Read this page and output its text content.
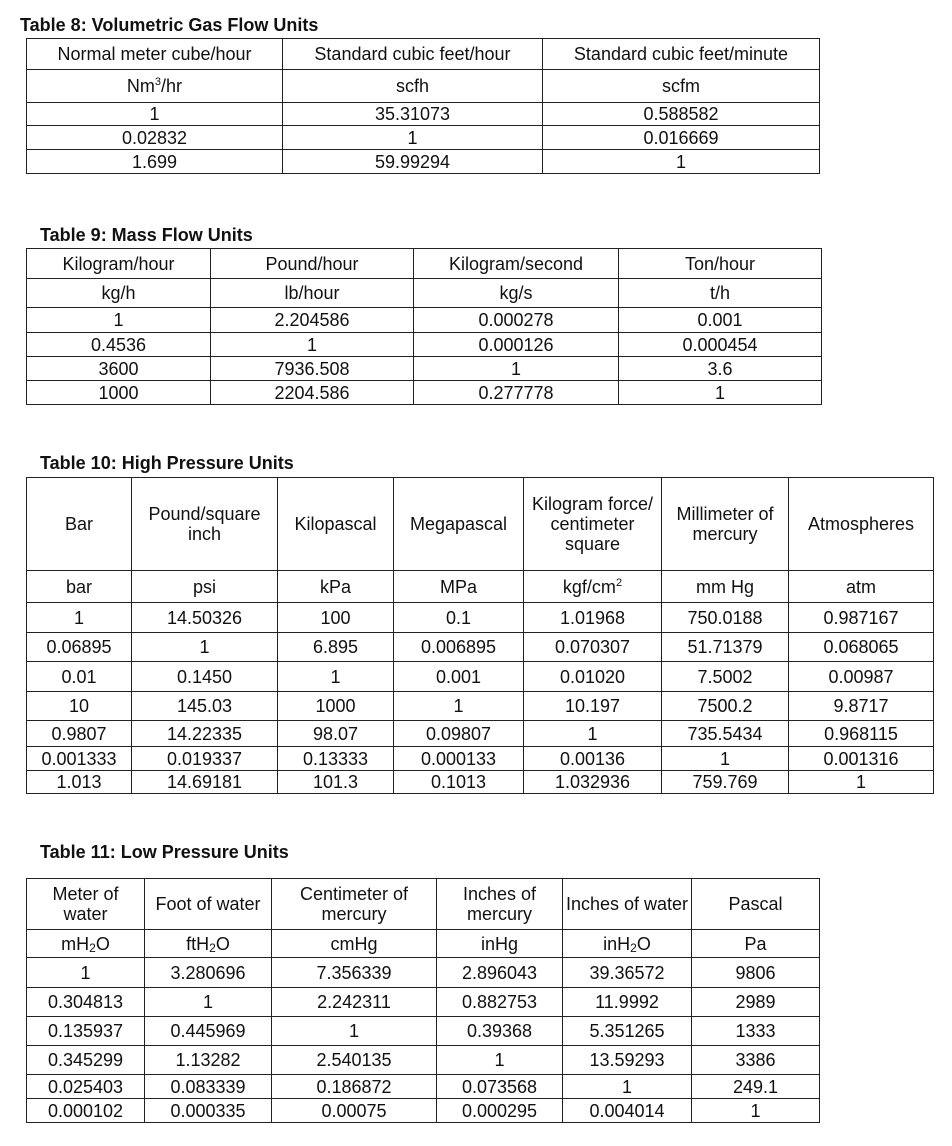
Table 8: Volumetric Gas Flow Units
Normal meter cube/hour	Standard cubic feet/hour	Standard cubic feet/minute
Nm$^3$/hr	scfh	scfm
1	35.31073	0.588582
0.02832	1	0.016669
1.699	59.99294	1
Table 9: Mass Flow Units
Kilogram/hour	Pound/hour	Kilogram/second	Ton/hour
kg/h	lb/hour	kg/s	t/h
1	2.204586	0.000278	0.001
0.4536	1	0.000126	0.000454
3600	7936.508	1	3.6
1000	2204.586	0.277778	1
Table 10: High Pressure Units
Bar	Pound/square inch	Kilopascal	Megapascal	Kilogram force/ centimeter square	Millimeter of mercury	Atmospheres
bar	psi	kPa	MPa	kgf/$cm^2$	mm Hg	atm
1	14.50326	100	0.1	1.01968	750.0188	0.987167
0.06895	1	6.895	0.006895	0.070307	51.71379	0.068065
0.01	0.1450	1	0.001	0.01020	7.5002	0.00987
10	145.03	1000	1	10.197	7500.2	9.8717
0.9807	14.22335	98.07	0.09807	1	735.5434	0.968115
0.001333	0.019337	0.13333	0.000133	0.00136	1	0.001316
1.013	14.69181	101.3	0.1013	1.032936	759.769	1
Table 11: Low Pressure Units
Meter of water	Foot of water	Centimeter of mercury	Inches of mercury	Inches of water	Pascal
mH2O	ftH2O	cmHg	inHg	inH2O	Pa
1	3.280696	7.356339	2.896043	39.36572	9806
0.304813	1	2.242311	0.882753	11.9992	2989
0.135937	0.445969	1	0.39368	5.351265	1333
0.345299	1.13282	2.540135	1	13.59293	3386
0.025403	0.083339	0.186872	0.073568	1	249.1
0.000102	0.000335	0.00075	0.000295	0.004014	1
